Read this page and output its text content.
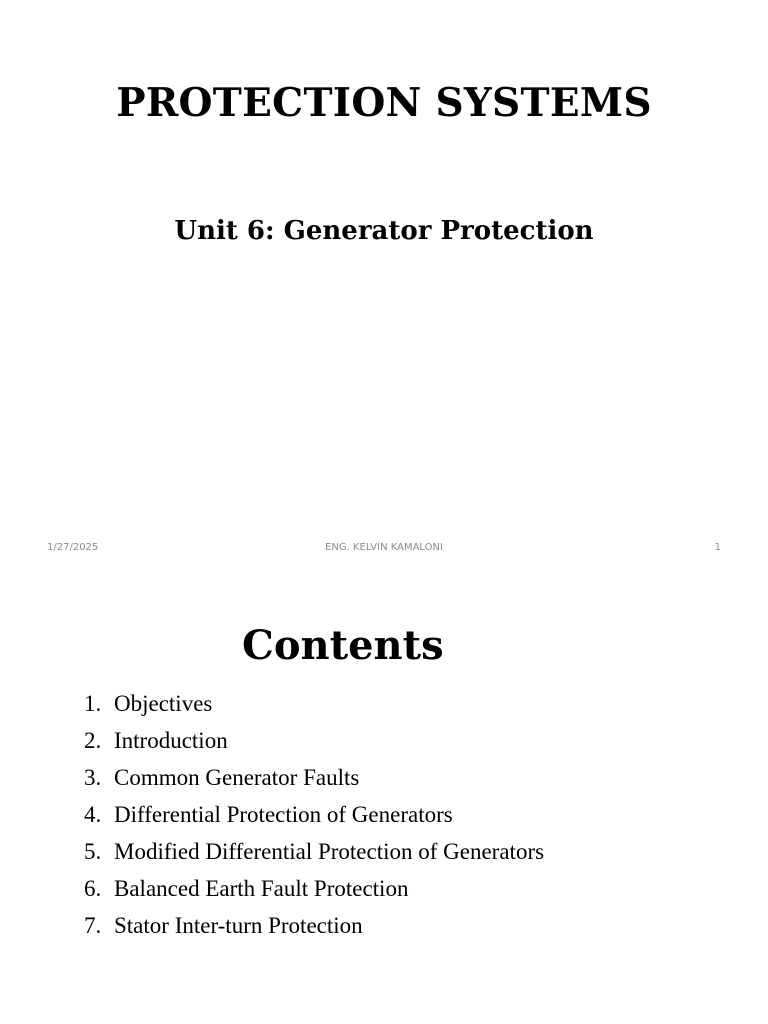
PROTECTION SYSTEMS
Unit 6: Generator Protection
1/27/2025	ENG. KELVIN KAMALONI	1
Contents
1. Objectives
2. Introduction
3. Common Generator Faults
4. Differential Protection of Generators
5. Modified Differential Protection of Generators
6. Balanced Earth Fault Protection
7. Stator Inter-turn Protection
